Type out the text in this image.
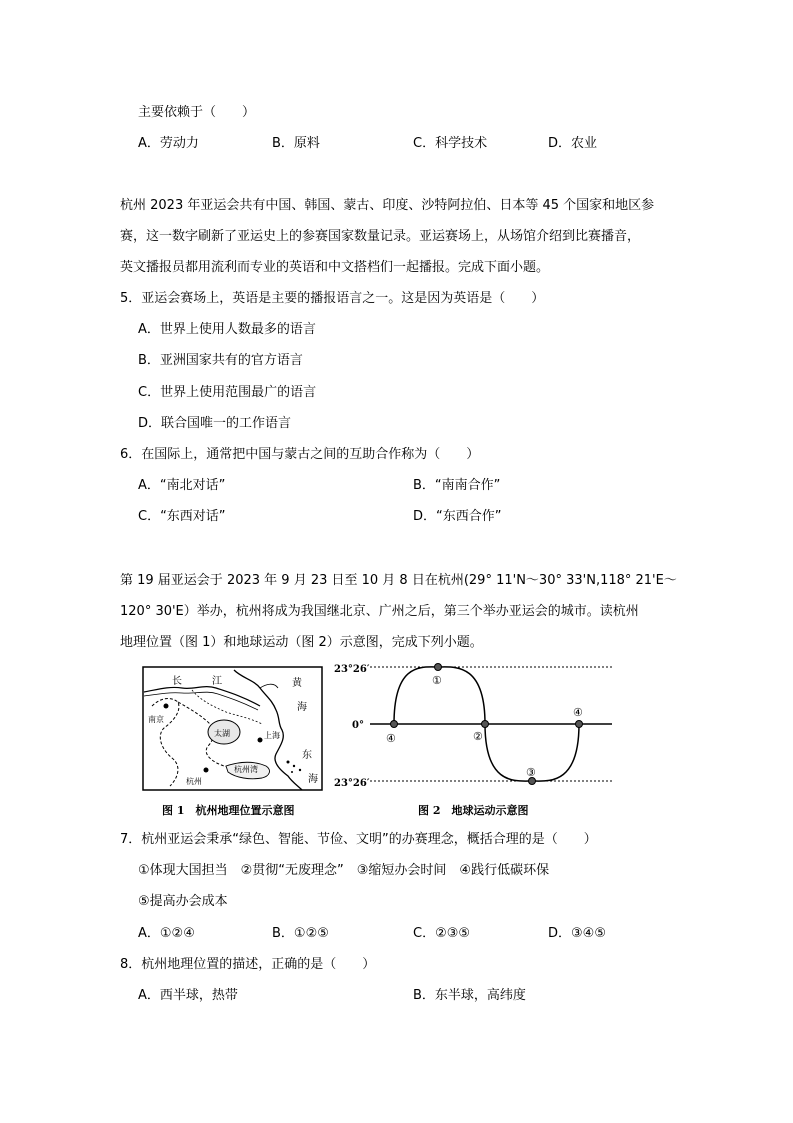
主要依赖于（　　）
A．劳动力	B．原料	C．科学技术	D．农业
杭州 2023 年亚运会共有中国、韩国、蒙古、印度、沙特阿拉伯、日本等 45 个国家和地区参
赛，这一数字刷新了亚运史上的参赛国家数量记录。亚运赛场上，从场馆介绍到比赛播音，
英文播报员都用流利而专业的英语和中文搭档们一起播报。完成下面小题。
5．亚运会赛场上，英语是主要的播报语言之一。这是因为英语是（　　）
A．世界上使用人数最多的语言
B．亚洲国家共有的官方语言
C．世界上使用范围最广的语言
D．联合国唯一的工作语言
6．在国际上，通常把中国与蒙古之间的互助合作称为（　　）
A．“南北对话”	B．“南南合作”
C．“东西对话”	D．“东西合作”
第 19 届亚运会于 2023 年 9 月 23 日至 10 月 8 日在杭州(29° 11'N～30° 33'N,118° 21'E～
120° 30'E）举办，杭州将成为我国继北京、广州之后，第三个举办亚运会的城市。读杭州
地理位置（图 1）和地球运动（图 2）示意图，完成下列小题。
黄
海
东
海
长	江
南京
太湖	上海
杭州
杭州湾
图 1　杭州地理位置示意图
23°26′
0°
23°26′
①
②
③
④
④
图 2　地球运动示意图
7．杭州亚运会秉承“绿色、智能、节俭、文明”的办赛理念，概括合理的是（　　）
①体现大国担当　②贯彻“无废理念”　③缩短办会时间　④践行低碳环保
⑤提高办会成本
A．①②④	B．①②⑤	C．②③⑤	D．③④⑤
8．杭州地理位置的描述，正确的是（　　）
A．西半球，热带	B．东半球，高纬度
